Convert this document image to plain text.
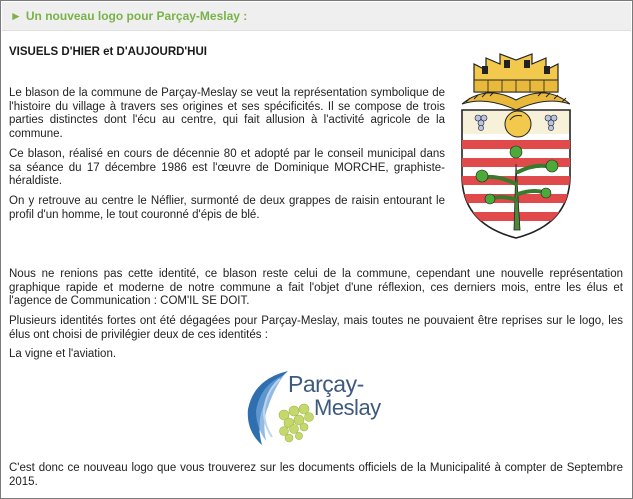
► Un nouveau logo pour Parçay-Meslay :
VISUELS D'HIER et D'AUJOURD'HUI

Le blason de la commune de Parçay-Meslay se veut la représentation symbolique de l'histoire du village à travers ses origines et ses spécificités. Il se compose de trois parties distinctes dont l'écu au centre, qui fait allusion à l'activité agricole de la commune.

Ce blason, réalisé en cours de décennie 80 et adopté par le conseil municipal dans sa séance du 17 décembre 1986 est l'œuvre de Dominique MORCHE, graphiste-héraldiste.

On y retrouve au centre le Néflier, surmonté de deux grappes de raisin entourant le profil d'un homme, le tout couronné d'épis de blé.

Nous ne renions pas cette identité, ce blason reste celui de la commune, cependant une nouvelle représentation graphique rapide et moderne de notre commune a fait l'objet d'une réflexion, ces derniers mois, entre les élus et l'agence de Communication : COM'IL SE DOIT.

Plusieurs identités fortes ont été dégagées pour Parçay-Meslay, mais toutes ne pouvaient être reprises sur le logo, les élus ont choisi de privilégier deux de ces identités :

La vigne et l'aviation.

Parçay-
Meslay

C'est donc ce nouveau logo que vous trouverez sur les documents officiels de la Municipalité à compter de Septembre 2015.
